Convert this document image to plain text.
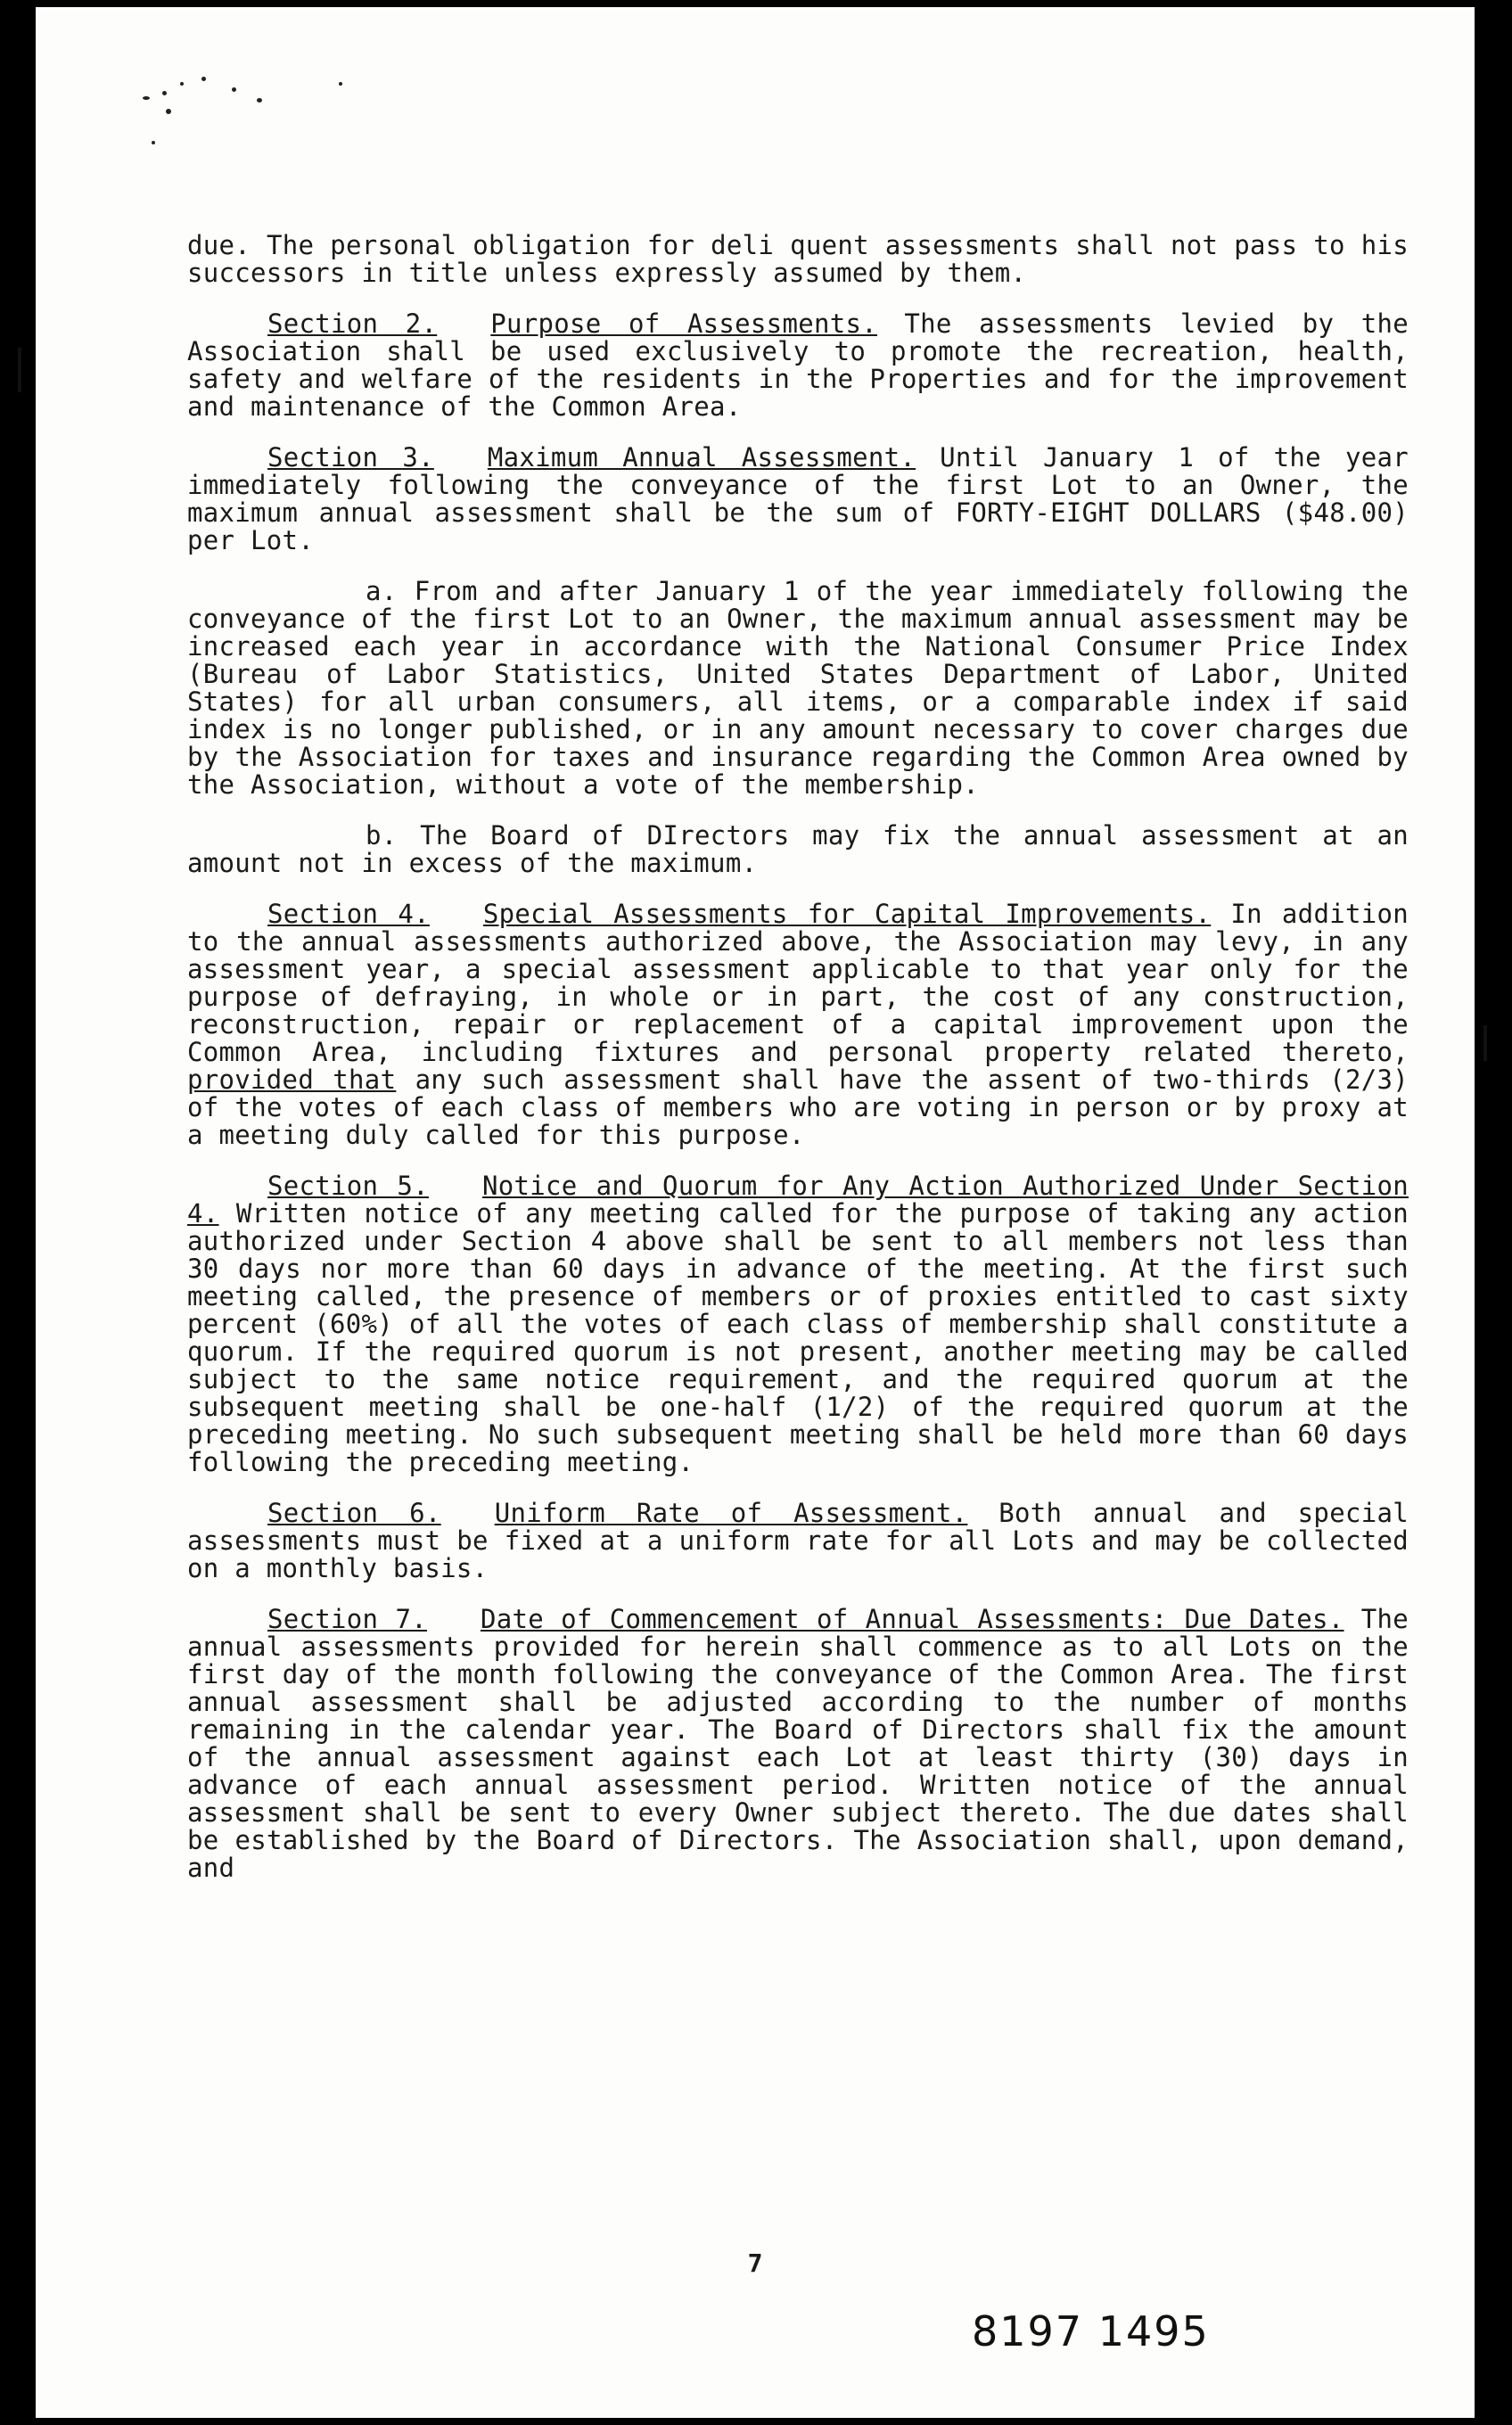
due. The personal obligation for deli quent assessments shall not pass to his successors in title unless expressly assumed by them.

Section 2. Purpose of Assessments. The assessments levied by the Association shall be used exclusively to promote the recreation, health, safety and welfare of the residents in the Properties and for the improvement and maintenance of the Common Area.

Section 3. Maximum Annual Assessment. Until January 1 of the year immediately following the conveyance of the first Lot to an Owner, the maximum annual assessment shall be the sum of FORTY-EIGHT DOLLARS ($48.00) per Lot.

a. From and after January 1 of the year immediately following the conveyance of the first Lot to an Owner, the maximum annual assessment may be increased each year in accordance with the National Consumer Price Index (Bureau of Labor Statistics, United States Department of Labor, United States) for all urban consumers, all items, or a comparable index if said index is no longer published, or in any amount necessary to cover charges due by the Association for taxes and insurance regarding the Common Area owned by the Association, without a vote of the membership.

b. The Board of DIrectors may fix the annual assessment at an amount not in excess of the maximum.

Section 4. Special Assessments for Capital Improvements. In addition to the annual assessments authorized above, the Association may levy, in any assessment year, a special assessment applicable to that year only for the purpose of defraying, in whole or in part, the cost of any construction, reconstruction, repair or replacement of a capital improvement upon the Common Area, including fixtures and personal property related thereto, provided that any such assessment shall have the assent of two-thirds (2/3) of the votes of each class of members who are voting in person or by proxy at a meeting duly called for this purpose.

Section 5. Notice and Quorum for Any Action Authorized Under Section 4. Written notice of any meeting called for the purpose of taking any action authorized under Section 4 above shall be sent to all members not less than 30 days nor more than 60 days in advance of the meeting. At the first such meeting called, the presence of members or of proxies entitled to cast sixty percent (60%) of all the votes of each class of membership shall constitute a quorum. If the required quorum is not present, another meeting may be called subject to the same notice requirement, and the required quorum at the subsequent meeting shall be one-half (1/2) of the required quorum at the preceding meeting. No such subsequent meeting shall be held more than 60 days following the preceding meeting.

Section 6. Uniform Rate of Assessment. Both annual and special assessments must be fixed at a uniform rate for all Lots and may be collected on a monthly basis.

Section 7. Date of Commencement of Annual Assessments: Due Dates. The annual assessments provided for herein shall commence as to all Lots on the first day of the month following the conveyance of the Common Area. The first annual assessment shall be adjusted according to the number of months remaining in the calendar year. The Board of Directors shall fix the amount of the annual assessment against each Lot at least thirty (30) days in advance of each annual assessment period. Written notice of the annual assessment shall be sent to every Owner subject thereto. The due dates shall be established by the Board of Directors. The Association shall, upon demand, and

7
8197 1495
